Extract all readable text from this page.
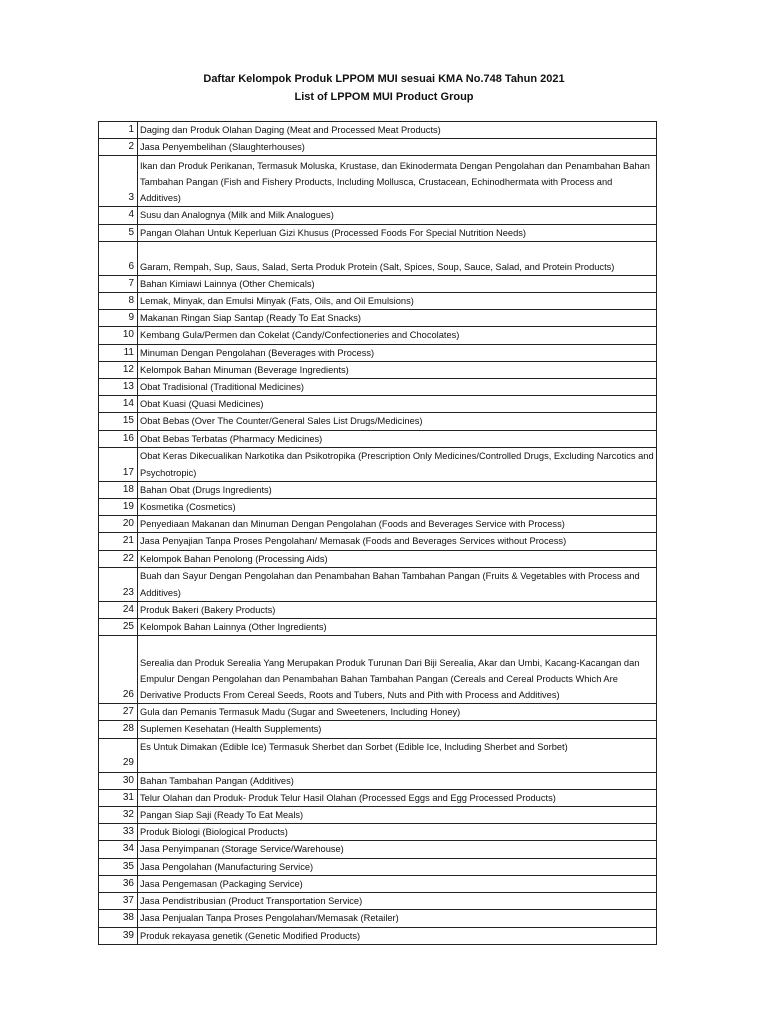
Daftar Kelompok Produk LPPOM MUI sesuai KMA No.748 Tahun 2021

List of LPPOM MUI Product Group

1	Daging dan Produk Olahan Daging (Meat and Processed Meat Products)
2	Jasa Penyembelihan (Slaughterhouses)
3	Ikan dan Produk Perikanan, Termasuk Moluska, Krustase, dan Ekinodermata Dengan Pengolahan dan Penambahan Bahan Tambahan Pangan (Fish and Fishery Products, Including Mollusca, Crustacean, Echinodhermata with Process and Additives)
4	Susu dan Analognya (Milk and Milk Analogues)
5	Pangan Olahan Untuk Keperluan Gizi Khusus (Processed Foods For Special Nutrition Needs)
6	Garam, Rempah, Sup, Saus, Salad, Serta Produk Protein (Salt, Spices, Soup, Sauce, Salad, and Protein Products)
7	Bahan Kimiawi Lainnya (Other Chemicals)
8	Lemak, Minyak, dan Emulsi Minyak (Fats, Oils, and Oil Emulsions)
9	Makanan Ringan Siap Santap (Ready To Eat Snacks)
10	Kembang Gula/Permen dan Cokelat (Candy/Confectioneries and Chocolates)
11	Minuman Dengan Pengolahan (Beverages with Process)
12	Kelompok Bahan Minuman (Beverage Ingredients)
13	Obat Tradisional (Traditional Medicines)
14	Obat Kuasi (Quasi Medicines)
15	Obat Bebas (Over The Counter/General Sales List Drugs/Medicines)
16	Obat Bebas Terbatas (Pharmacy Medicines)
17	Obat Keras Dikecualikan Narkotika dan Psikotropika (Prescription Only Medicines/Controlled Drugs, Excluding Narcotics and Psychotropic)
18	Bahan Obat (Drugs Ingredients)
19	Kosmetika (Cosmetics)
20	Penyediaan Makanan dan Minuman Dengan Pengolahan (Foods and Beverages Service with Process)
21	Jasa Penyajian Tanpa Proses Pengolahan/ Memasak (Foods and Beverages Services without Process)
22	Kelompok Bahan Penolong (Processing Aids)
23	Buah dan Sayur Dengan Pengolahan dan Penambahan Bahan Tambahan Pangan (Fruits & Vegetables with Process and Additives)
24	Produk Bakeri (Bakery Products)
25	Kelompok Bahan Lainnya (Other Ingredients)
26	Serealia dan Produk Serealia Yang Merupakan Produk Turunan Dari Biji Serealia, Akar dan Umbi, Kacang-Kacangan dan Empulur Dengan Pengolahan dan Penambahan Bahan Tambahan Pangan (Cereals and Cereal Products Which Are Derivative Products From Cereal Seeds, Roots and Tubers, Nuts and Pith with Process and Additives)
27	Gula dan Pemanis Termasuk Madu (Sugar and Sweeteners, Including Honey)
28	Suplemen Kesehatan (Health Supplements)
29	Es Untuk Dimakan (Edible Ice) Termasuk Sherbet dan Sorbet (Edible Ice, Including Sherbet and Sorbet)
30	Bahan Tambahan Pangan (Additives)
31	Telur Olahan dan Produk- Produk Telur Hasil Olahan (Processed Eggs and Egg Processed Products)
32	Pangan Siap Saji (Ready To Eat Meals)
33	Produk Biologi (Biological Products)
34	Jasa Penyimpanan (Storage Service/Warehouse)
35	Jasa Pengolahan (Manufacturing Service)
36	Jasa Pengemasan (Packaging Service)
37	Jasa Pendistribusian (Product Transportation Service)
38	Jasa Penjualan Tanpa Proses Pengolahan/Memasak (Retailer)
39	Produk rekayasa genetik (Genetic Modified Products)
